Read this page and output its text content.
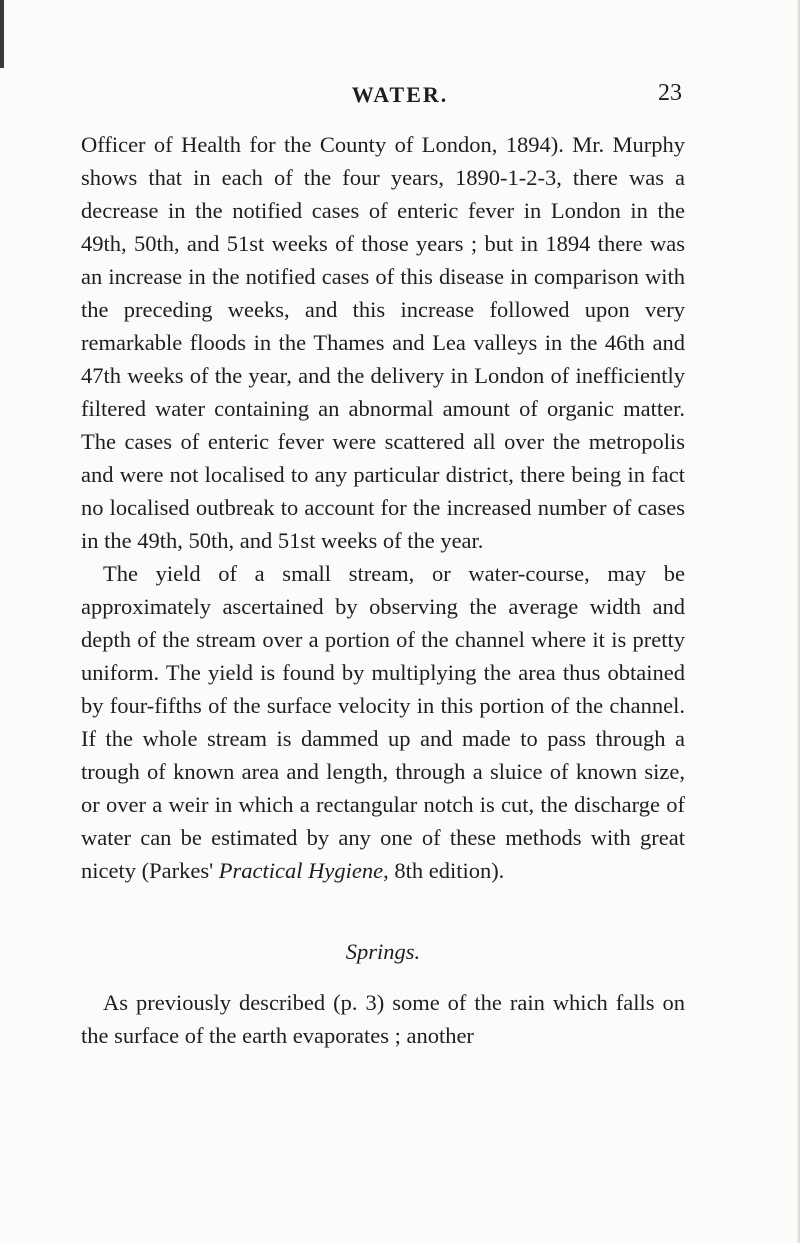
WATER.	23

Officer of Health for the County of London, 1894). Mr. Murphy shows that in each of the four years, 1890-1-2-3, there was a decrease in the notified cases of enteric fever in London in the 49th, 50th, and 51st weeks of those years ; but in 1894 there was an increase in the notified cases of this disease in comparison with the preceding weeks, and this increase followed upon very remarkable floods in the Thames and Lea valleys in the 46th and 47th weeks of the year, and the delivery in London of inefficiently filtered water containing an abnormal amount of organic matter. The cases of enteric fever were scattered all over the metropolis and were not localised to any particular district, there being in fact no localised outbreak to account for the increased number of cases in the 49th, 50th, and 51st weeks of the year.

The yield of a small stream, or water-course, may be approximately ascertained by observing the average width and depth of the stream over a portion of the channel where it is pretty uniform. The yield is found by multiplying the area thus obtained by four-fifths of the surface velocity in this portion of the channel. If the whole stream is dammed up and made to pass through a trough of known area and length, through a sluice of known size, or over a weir in which a rectangular notch is cut, the discharge of water can be estimated by any one of these methods with great nicety (Parkes' Practical Hygiene, 8th edition).

Springs.

As previously described (p. 3) some of the rain which falls on the surface of the earth evaporates ; another
